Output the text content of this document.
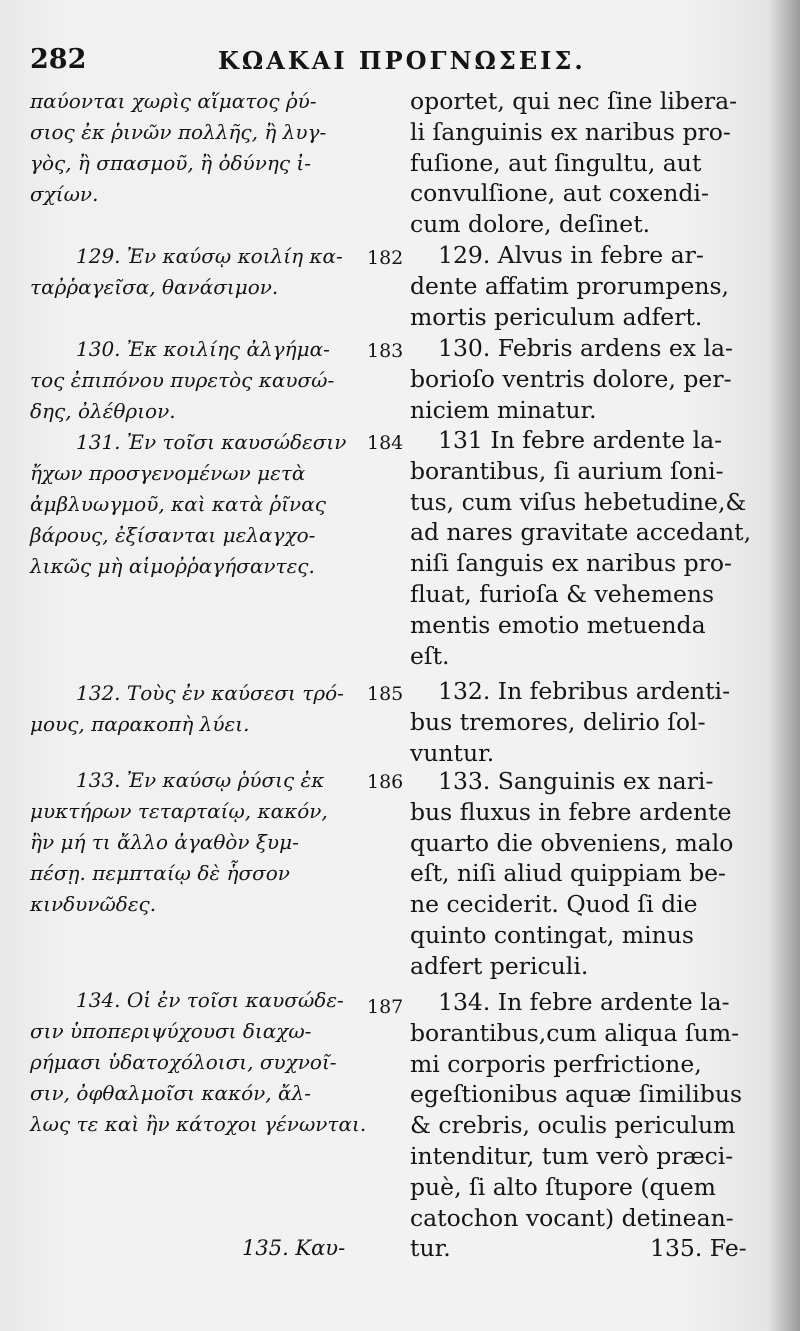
282	ΚΩΑΚΑΙ ΠΡΟΓΝΩΣΕΙΣ.
παύονται χωρὶς αἵματος ῥύ-
σιος ἐκ ῥινῶν πολλῆς, ἢ λυγ-
γὸς, ἢ σπασμοῦ, ἢ ὀδύνης ἰ-
σχίων.
129. Ἐν καύσῳ κοιλίη κα-
ταῤῥαγεῖσα, θανάσιμον.
130. Ἐκ κοιλίης ἀλγήμα-
τος ἐπιπόνου πυρετὸς καυσώ-
δης, ὀλέθριον.
131. Ἐν τοῖσι καυσώδεσιν
ἤχων προσγενομένων μετὰ
ἀμβλυωγμοῦ, καὶ κατὰ ῥῖνας
βάρους, ἐξίσανται μελαγχο-
λικῶς μὴ αἱμοῤῥαγήσαντες.
132. Τοὺς ἐν καύσεσι τρό-
μους, παρακοπὴ λύει.
133. Ἐν καύσῳ ῥύσις ἐκ
μυκτήρων τεταρταίῳ, κακόν,
ἢν μή τι ἄλλο ἀγαθὸν ξυμ-
πέσῃ. πεμπταίῳ δὲ ἧσσον
κινδυνῶδες.
134. Οἱ ἐν τοῖσι καυσώδε-
σιν ὑποπεριψύχουσι διαχω-
ρήμασι ὑδατοχόλοισι, συχνοῖ-
σιν, ὀφθαλμοῖσι κακόν, ἄλ-
λως τε καὶ ἢν κάτοχοι γένωνται.
135. Καυ-
182
183
184
185
186
187
oportet, qui nec ſine libera-
li ſanguinis ex naribus pro-
fuſione, aut ſingultu, aut
convulſione, aut coxendi-
cum dolore, deſinet.
129. Alvus in febre ar-
dente affatim prorumpens,
mortis periculum adfert.
130. Febris ardens ex la-
borioſo ventris dolore, per-
niciem minatur.
131 In febre ardente la-
borantibus, ſi aurium ſoni-
tus, cum viſus hebetudine,&
ad nares gravitate accedant,
niſi ſanguis ex naribus pro-
fluat, furioſa & vehemens
mentis emotio metuenda
eſt.
132. In febribus ardenti-
bus tremores, delirio ſol-
vuntur.
133. Sanguinis ex nari-
bus fluxus in febre ardente
quarto die obveniens, malo
eſt, niſi aliud quippiam be-
ne ceciderit. Quod ſi die
quinto contingat, minus
adfert periculi.
134. In febre ardente la-
borantibus,cum aliqua ſum-
mi corporis perfrictione,
egeſtionibus aquæ ſimilibus
& crebris, oculis periculum
intenditur, tum verò præci-
puè, ſi alto ſtupore (quem
catochon vocant) detinean-
tur.	135. Fe-
